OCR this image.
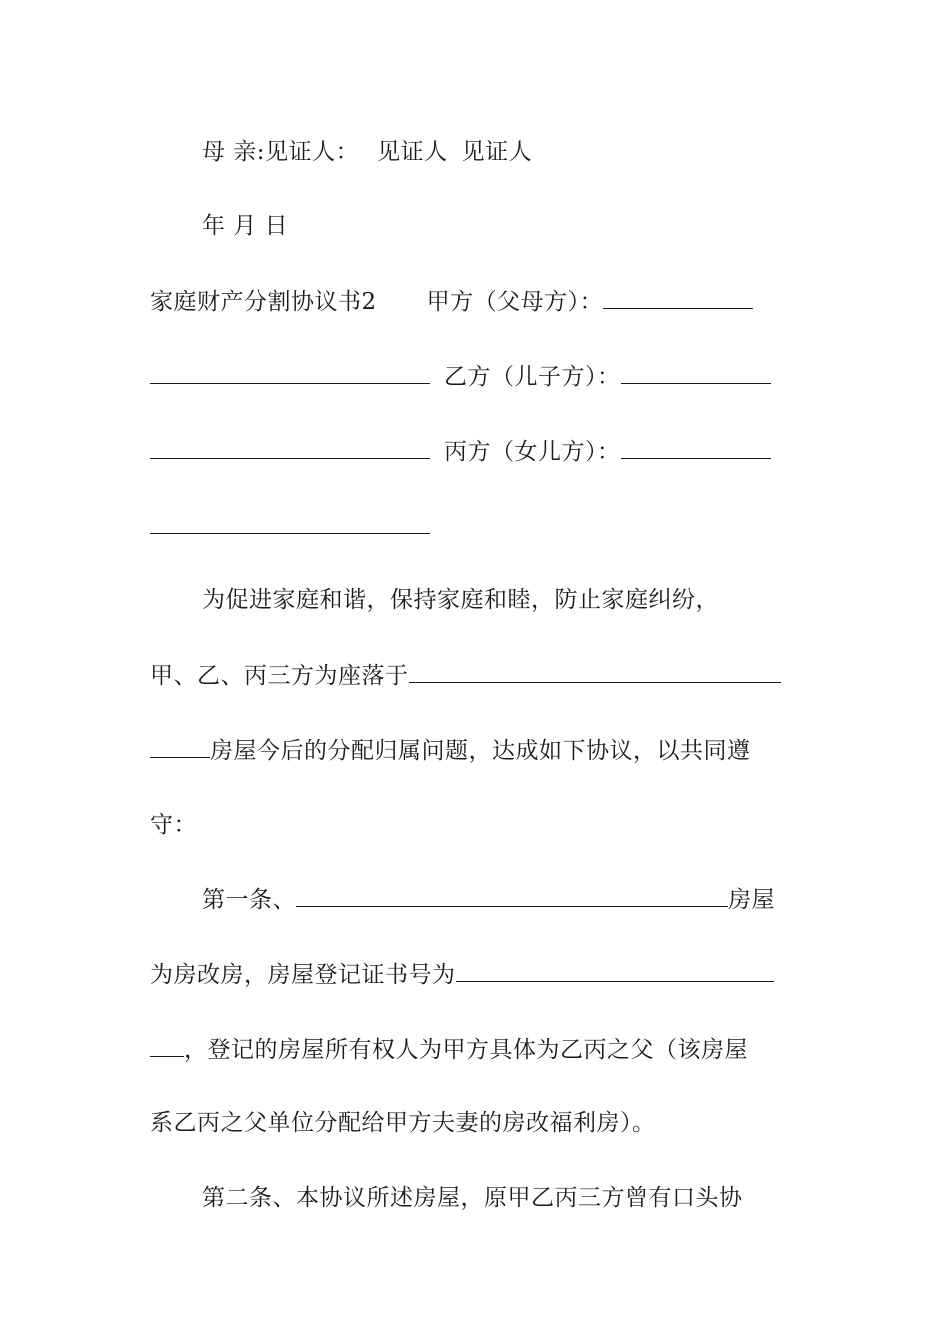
母 亲:见证人： 见证人 见证人
年 月 日
家庭财产分割协议书2 甲方（父母方）：
乙方（儿子方）：
丙方（女儿方）：
为促进家庭和谐，保持家庭和睦，防止家庭纠纷，
甲、乙、丙三方为座落于
房屋今后的分配归属问题，达成如下协议，以共同遵
守：
第一条、	房屋
为房改房，房屋登记证书号为
，登记的房屋所有权人为甲方具体为乙丙之父（该房屋
系乙丙之父单位分配给甲方夫妻的房改福利房）。
第二条、本协议所述房屋，原甲乙丙三方曾有口头协
